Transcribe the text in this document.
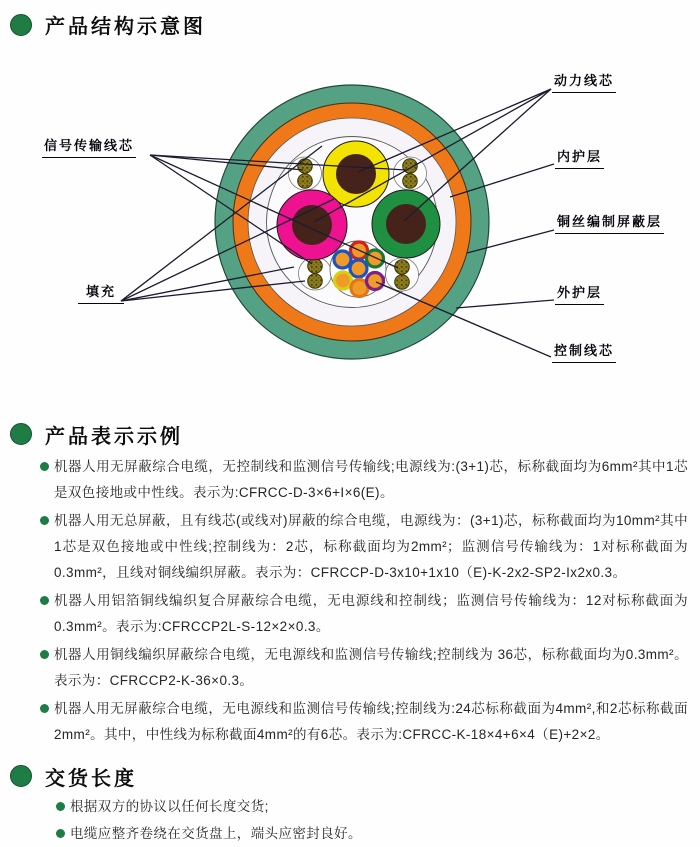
产品结构示意图
信号传输线芯
填充
动力线芯
内护层
铜丝编制屏蔽层
外护层
控制线芯
产品表示示例
机器人用无屏蔽综合电缆，无控制线和监测信号传输线;电源线为:(3+1)芯，标称截面均为6mm²其中1芯是双色接地或中性线。表示为:CFRCC-D-3×6+I×6(E)。
机器人用无总屏蔽，且有线芯(或线对)屏蔽的综合电缆，电源线为：(3+1)芯，标称截面均为10mm²其中1芯是双色接地或中性线;控制线为：2芯，标称截面均为2mm²；监测信号传输线为：1对标称截面为0.3mm²，且线对铜线编织屏蔽。表示为：CFRCCP-D-3x10+1x10（E)-K-2x2-SP2-Ix2x0.3。
机器人用铝箔铜线编织复合屏蔽综合电缆，无电源线和控制线；监测信号传输线为：12对标称截面为0.3mm²。表示为:CFRCCP2L-S-12×2×0.3。
机器人用铜线编织屏蔽综合电缆，无电源线和监测信号传输线;控制线为 36芯，标称截面均为0.3mm²。表示为：CFRCCP2-K-36×0.3。
机器人用无屏蔽综合电缆，无电源线和监测信号传输线;控制线为:24芯标称截面为4mm²,和2芯标称截面2mm²。其中，中性线为标称截面4mm²的有6芯。表示为:CFRCC-K-18×4+6×4（E)+2×2。
交货长度
根据双方的协议以任何长度交货;
电缆应整齐卷绕在交货盘上，端头应密封良好。
